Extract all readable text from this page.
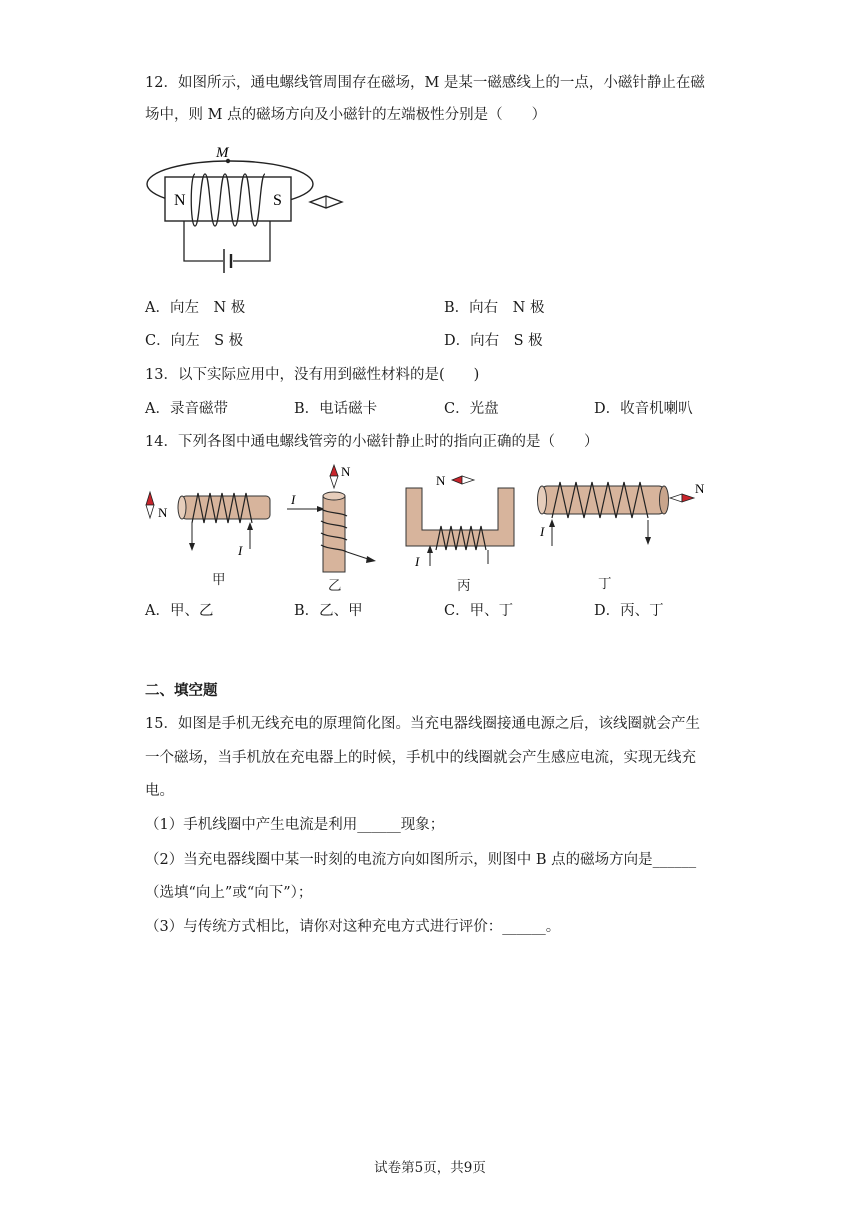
12．如图所示，通电螺线管周围存在磁场，M 是某一磁感线上的一点，小磁针静止在磁
场中，则 M 点的磁场方向及小磁针的左端极性分别是（　　）
M
N	S
A．向左　N 极	B．向右　N 极
C．向左　S 极	D．向右　S 极
13．以下实际应用中，没有用到磁性材料的是(　　)
A．录音磁带	B．电话磁卡	C．光盘	D．收音机喇叭
14．下列各图中通电螺线管旁的小磁针静止时的指向正确的是（　　）
N
I
甲
N
I
乙
N
I
丙
I
N
丁
A．甲、乙	B．乙、甲	C．甲、丁	D．丙、丁
二、填空题
15．如图是手机无线充电的原理简化图。当充电器线圈接通电源之后，该线圈就会产生
一个磁场，当手机放在充电器上的时候，手机中的线圈就会产生感应电流，实现无线充
电。
（1）手机线圈中产生电流是利用______现象；
（2）当充电器线圈中某一时刻的电流方向如图所示，则图中 B 点的磁场方向是______
（选填“向上”或“向下”）；
（3）与传统方式相比，请你对这种充电方式进行评价：______。
试卷第5页，共9页
